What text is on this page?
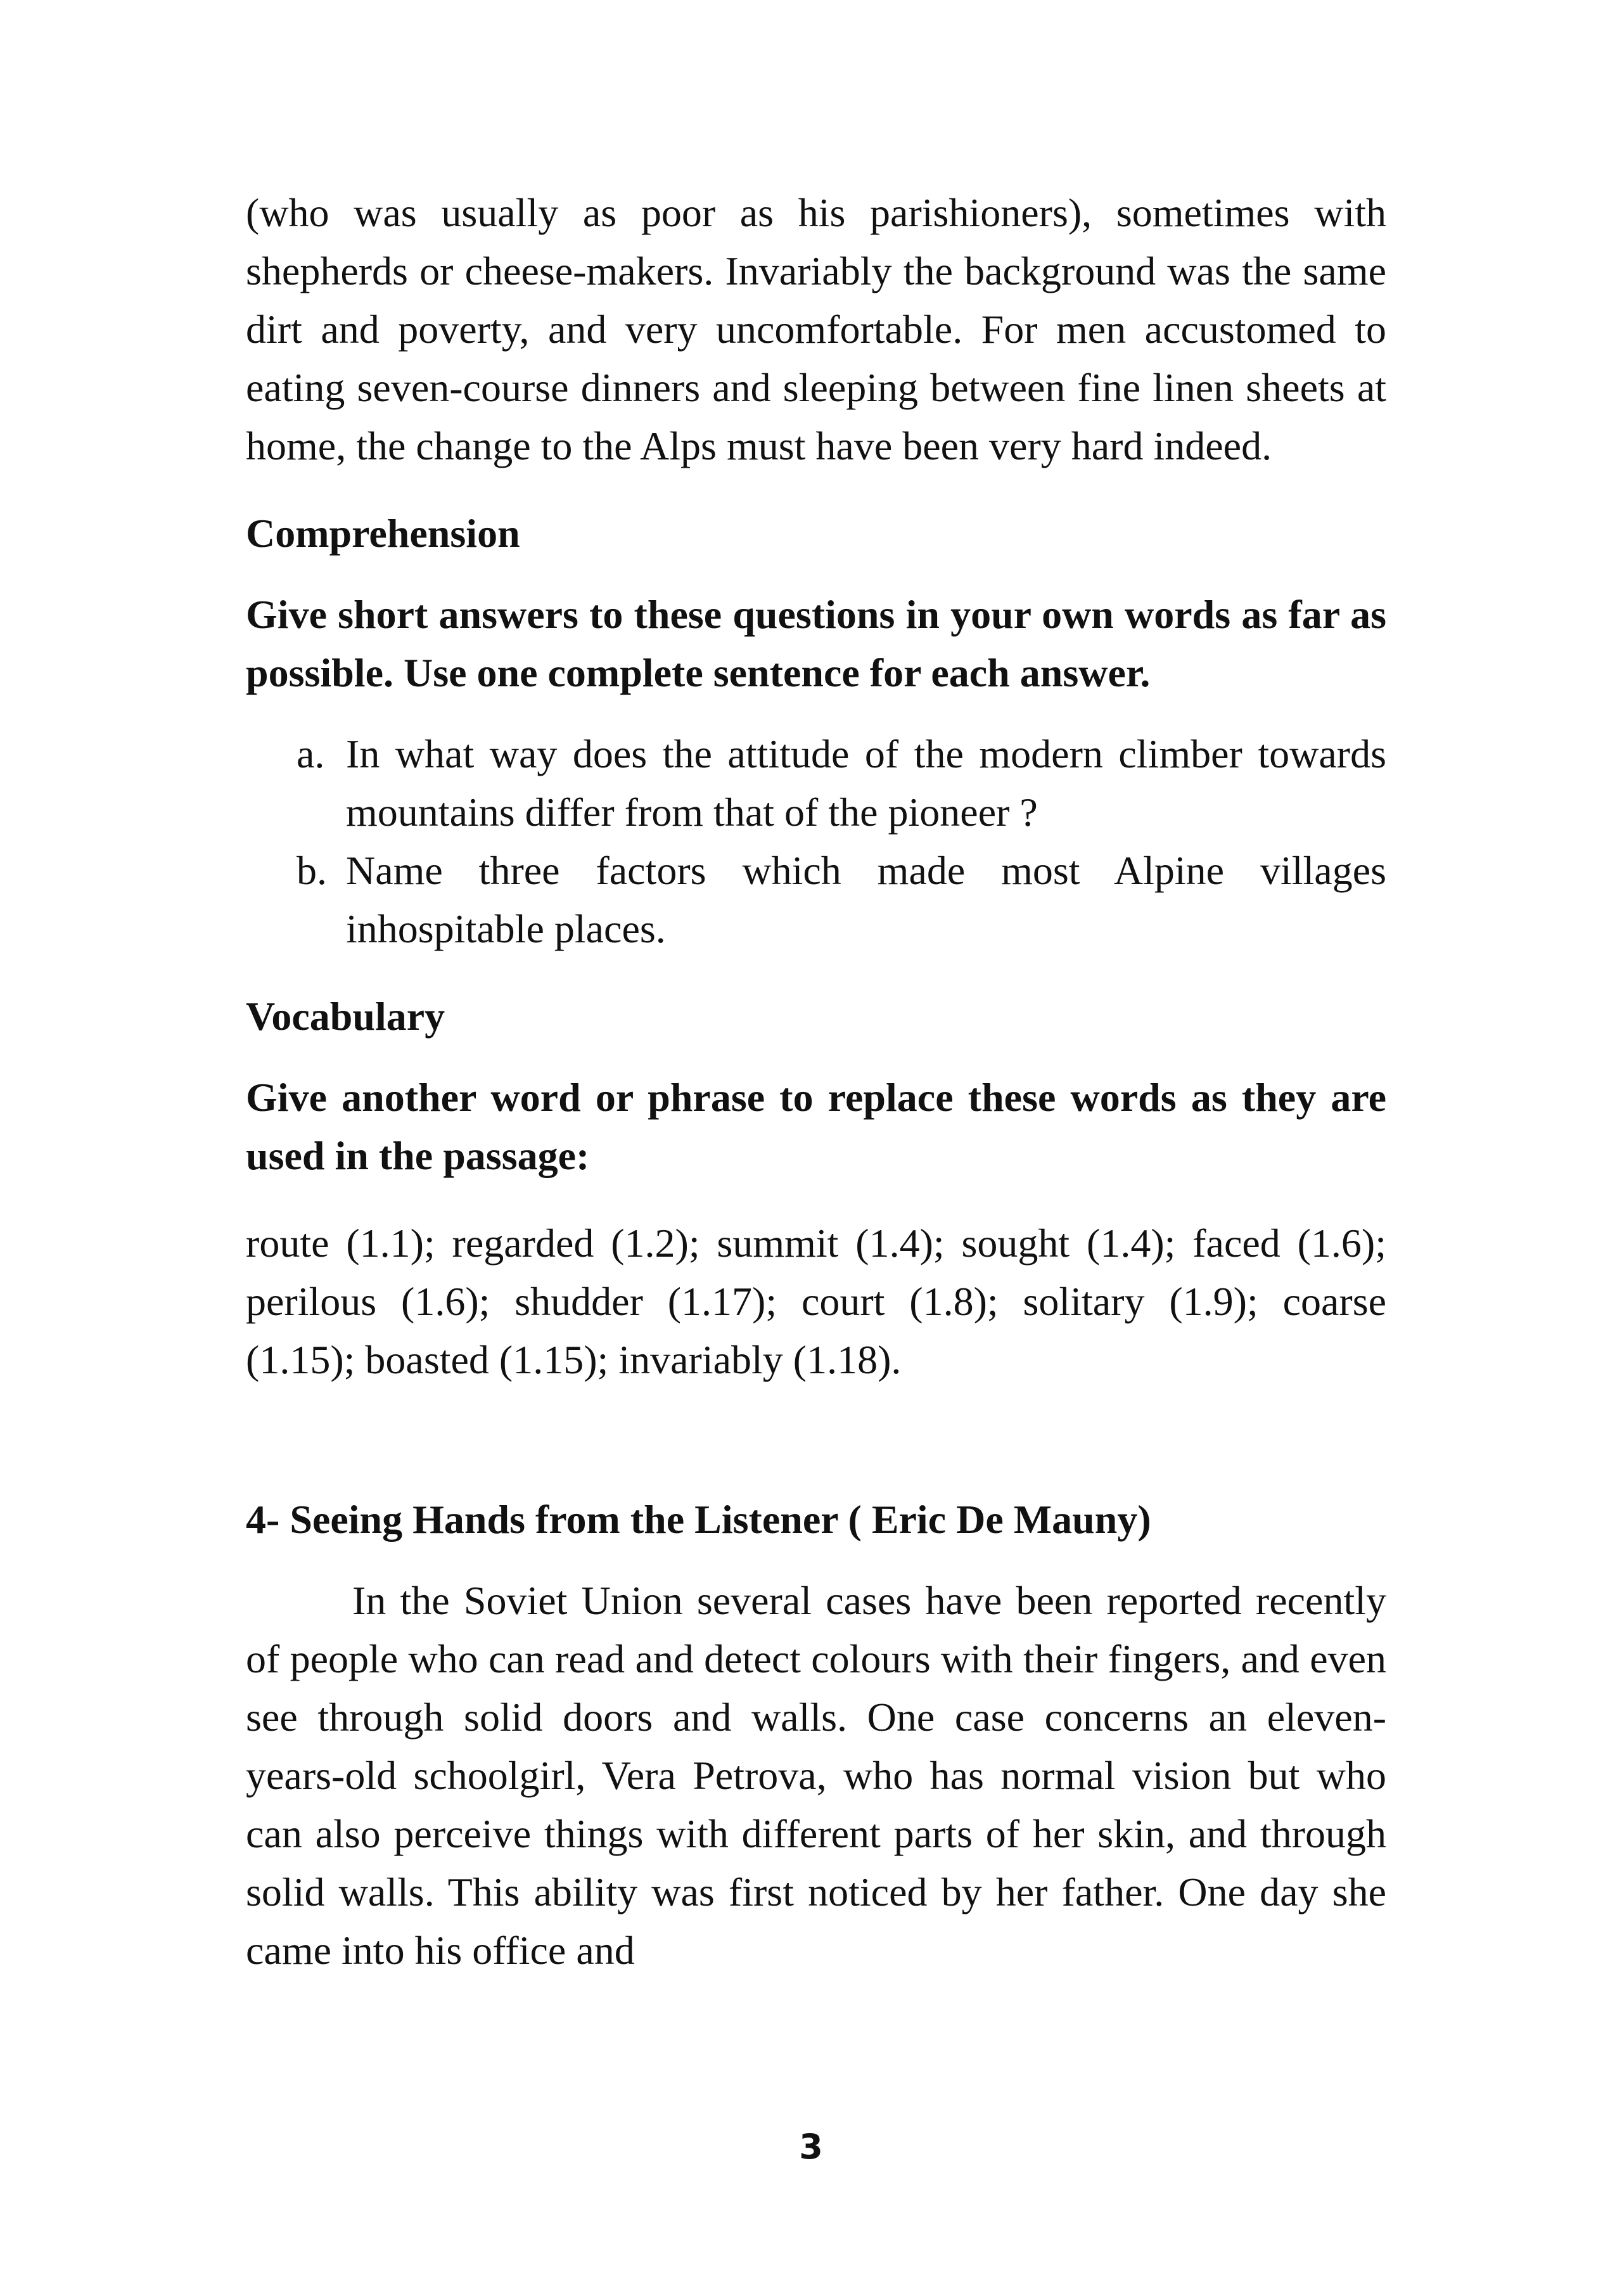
(who was usually as poor as his parishioners), sometimes with shepherds or cheese-makers. Invariably the background was the same dirt and poverty, and very uncomfortable. For men accustomed to eating seven-course dinners and sleeping between fine linen sheets at home, the change to the Alps must have been very hard indeed.

Comprehension

Give short answers to these questions in your own words as far as possible. Use one complete sentence for each answer.

a. In what way does the attitude of the modern climber towards mountains differ from that of the pioneer ?
b. Name three factors which made most Alpine villages inhospitable places.

Vocabulary

Give another word or phrase to replace these words as they are used in the passage:

route (1.1); regarded (1.2); summit (1.4); sought (1.4); faced (1.6); perilous (1.6); shudder (1.17); court (1.8); solitary (1.9); coarse (1.15); boasted (1.15); invariably (1.18).

4- Seeing Hands from the Listener ( Eric De Mauny)

In the Soviet Union several cases have been reported recently of people who can read and detect colours with their fingers, and even see through solid doors and walls. One case concerns an eleven-years-old schoolgirl, Vera Petrova, who has normal vision but who can also perceive things with different parts of her skin, and through solid walls. This ability was first noticed by her father. One day she came into his office and

3
